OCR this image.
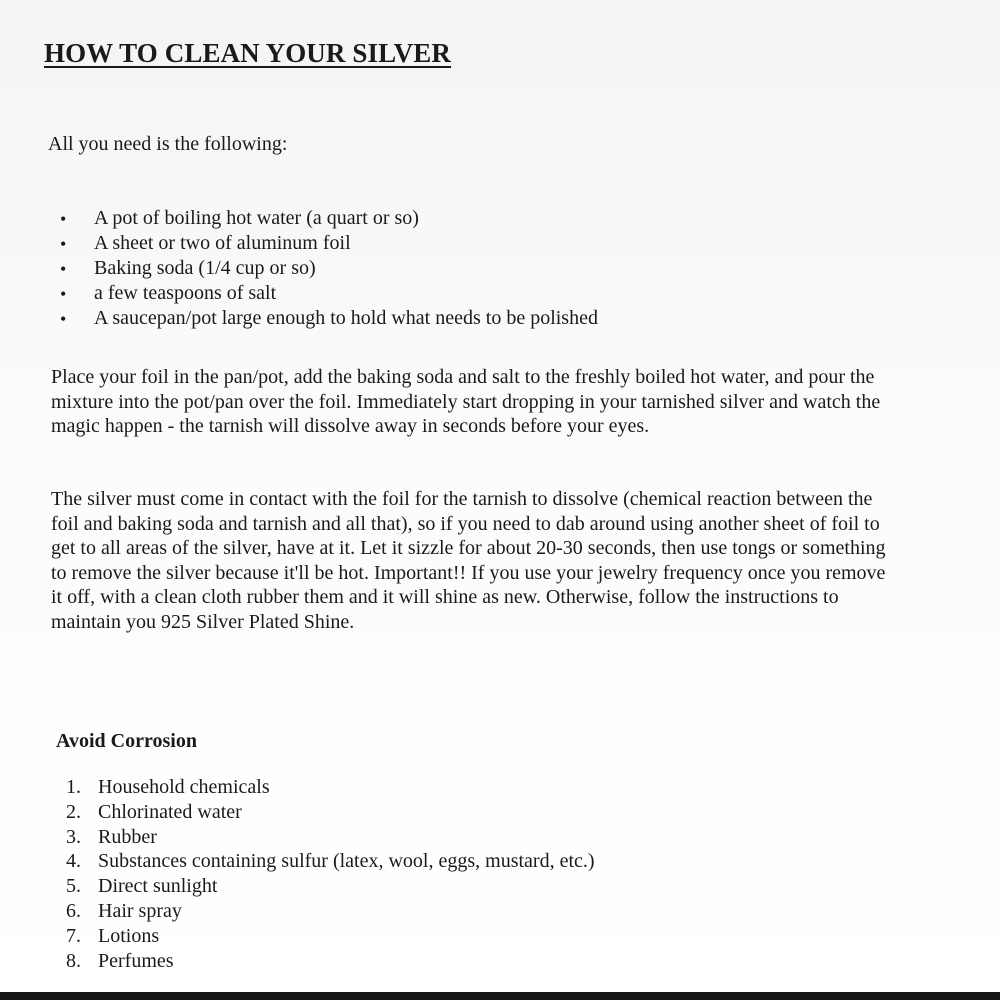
HOW TO CLEAN YOUR SILVER

All you need is the following:

• A pot of boiling hot water (a quart or so)
• A sheet or two of aluminum foil
• Baking soda (1/4 cup or so)
• a few teaspoons of salt
• A saucepan/pot large enough to hold what needs to be polished

Place your foil in the pan/pot, add the baking soda and salt to the freshly boiled hot water, and pour the mixture into the pot/pan over the foil. Immediately start dropping in your tarnished silver and watch the magic happen - the tarnish will dissolve away in seconds before your eyes.

The silver must come in contact with the foil for the tarnish to dissolve (chemical reaction between the foil and baking soda and tarnish and all that), so if you need to dab around using another sheet of foil to get to all areas of the silver, have at it. Let it sizzle for about 20-30 seconds, then use tongs or something to remove the silver because it'll be hot. Important!! If you use your jewelry frequency once you remove it off, with a clean cloth rubber them and it will shine as new. Otherwise, follow the instructions to maintain you 925 Silver Plated Shine.

Avoid Corrosion
1. Household chemicals
2. Chlorinated water
3. Rubber
4. Substances containing sulfur (latex, wool, eggs, mustard, etc.)
5. Direct sunlight
6. Hair spray
7. Lotions
8. Perfumes
